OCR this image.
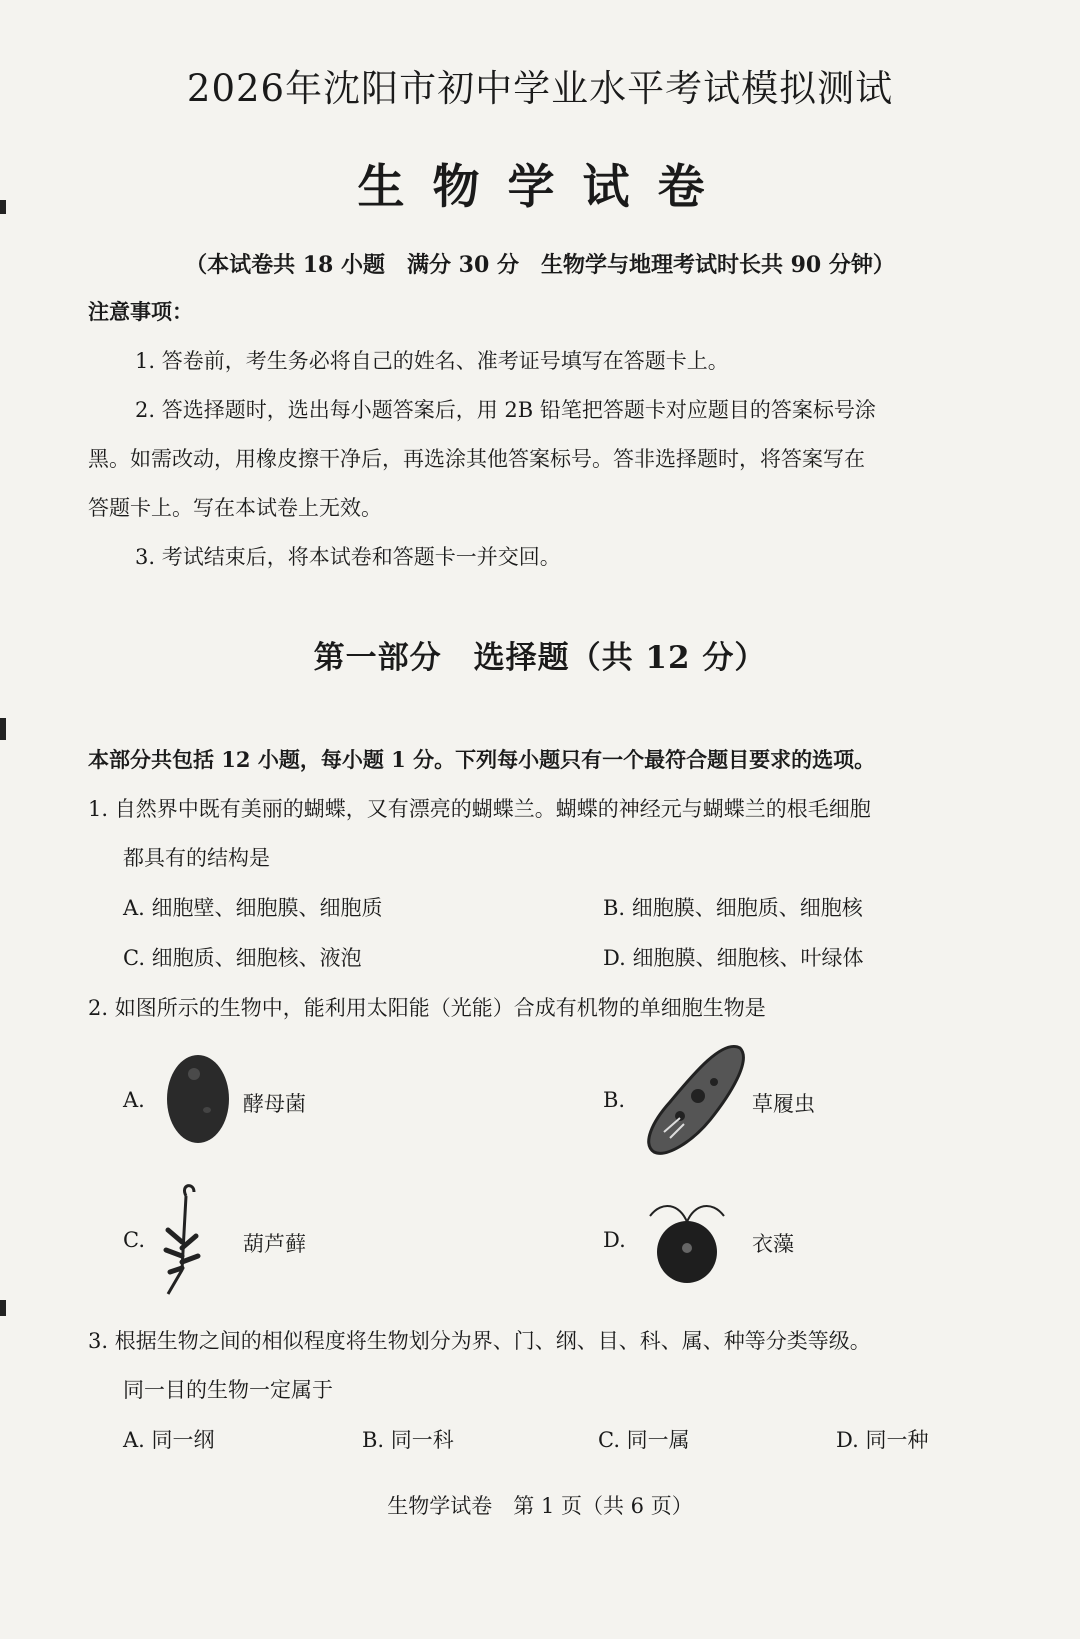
2026年沈阳市初中学业水平考试模拟测试
生物学试卷
（本试卷共 18 小题　满分 30 分　生物学与地理考试时长共 90 分钟）
注意事项：
1. 答卷前，考生务必将自己的姓名、准考证号填写在答题卡上。
2. 答选择题时，选出每小题答案后，用 2B 铅笔把答题卡对应题目的答案标号涂
黑。如需改动，用橡皮擦干净后，再选涂其他答案标号。答非选择题时，将答案写在
答题卡上。写在本试卷上无效。
3. 考试结束后，将本试卷和答题卡一并交回。
第一部分　选择题（共 12 分）
本部分共包括 12 小题，每小题 1 分。下列每小题只有一个最符合题目要求的选项。
1. 自然界中既有美丽的蝴蝶，又有漂亮的蝴蝶兰。蝴蝶的神经元与蝴蝶兰的根毛细胞
都具有的结构是
A. 细胞壁、细胞膜、细胞质	B. 细胞膜、细胞质、细胞核
C. 细胞质、细胞核、液泡	D. 细胞膜、细胞核、叶绿体
2. 如图所示的生物中，能利用太阳能（光能）合成有机物的单细胞生物是
A.	酵母菌	B.	草履虫
C.	葫芦藓	D.	衣藻
3. 根据生物之间的相似程度将生物划分为界、门、纲、目、科、属、种等分类等级。
同一目的生物一定属于
A. 同一纲	B. 同一科	C. 同一属	D. 同一种
生物学试卷　第 1 页（共 6 页）
